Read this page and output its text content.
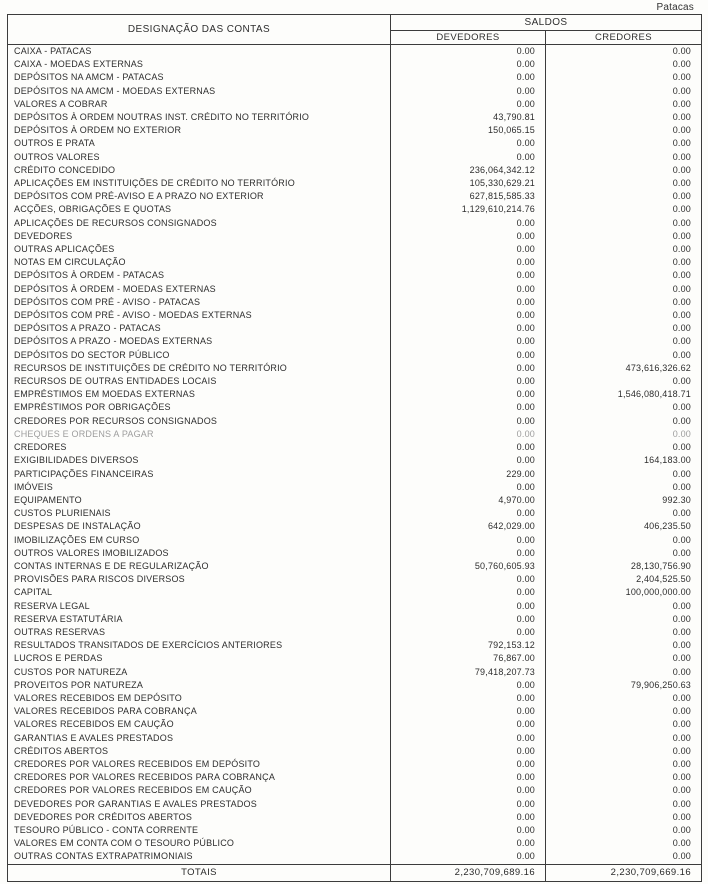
Patacas
DESIGNAÇÃO DAS CONTAS	SALDOS	
	DEVEDORES	CREDORES
CAIXA - PATACAS	0.00	0.00
CAIXA - MOEDAS EXTERNAS	0.00	0.00
DEPÓSITOS NA AMCM - PATACAS	0.00	0.00
DEPÓSITOS NA AMCM - MOEDAS EXTERNAS	0.00	0.00
VALORES A COBRAR	0.00	0.00
DEPÓSITOS À ORDEM NOUTRAS INST. CRÉDITO NO TERRITÓRIO	43,790.81	0.00
DEPÓSITOS À ORDEM NO EXTERIOR	150,065.15	0.00
OUTROS E PRATA	0.00	0.00
OUTROS VALORES	0.00	0.00
CRÉDITO CONCEDIDO	236,064,342.12	0.00
APLICAÇÕES EM INSTITUIÇÕES DE CRÉDITO NO TERRITÓRIO	105,330,629.21	0.00
DEPÓSITOS COM PRÉ-AVISO E A PRAZO NO EXTERIOR	627,815,585.33	0.00
ACÇÕES, OBRIGAÇÕES E QUOTAS	1,129,610,214.76	0.00
APLICAÇÕES DE RECURSOS CONSIGNADOS	0.00	0.00
DEVEDORES	0.00	0.00
OUTRAS APLICAÇÕES	0.00	0.00
NOTAS EM CIRCULAÇÃO	0.00	0.00
DEPÓSITOS À ORDEM - PATACAS	0.00	0.00
DEPÓSITOS À ORDEM - MOEDAS EXTERNAS	0.00	0.00
DEPÓSITOS COM PRÉ - AVISO - PATACAS	0.00	0.00
DEPÓSITOS COM PRÉ - AVISO - MOEDAS EXTERNAS	0.00	0.00
DEPÓSITOS A PRAZO - PATACAS	0.00	0.00
DEPÓSITOS A PRAZO - MOEDAS EXTERNAS	0.00	0.00
DEPÓSITOS DO SECTOR PÚBLICO	0.00	0.00
RECURSOS DE INSTITUIÇÕES DE CRÉDITO NO TERRITÓRIO	0.00	473,616,326.62
RECURSOS DE OUTRAS ENTIDADES LOCAIS	0.00	0.00
EMPRÉSTIMOS EM MOEDAS EXTERNAS	0.00	1,546,080,418.71
EMPRÉSTIMOS POR OBRIGAÇÕES	0.00	0.00
CREDORES POR RECURSOS CONSIGNADOS	0.00	0.00
CHEQUES E ORDENS A PAGAR	0.00	0.00
CREDORES	0.00	0.00
EXIGIBILIDADES DIVERSOS	0.00	164,183.00
PARTICIPAÇÕES FINANCEIRAS	229.00	0.00
IMÓVEIS	0.00	0.00
EQUIPAMENTO	4,970.00	992.30
CUSTOS PLURIENAIS	0.00	0.00
DESPESAS DE INSTALAÇÃO	642,029.00	406,235.50
IMOBILIZAÇÕES EM CURSO	0.00	0.00
OUTROS VALORES IMOBILIZADOS	0.00	0.00
CONTAS INTERNAS E DE REGULARIZAÇÃO	50,760,605.93	28,130,756.90
PROVISÕES PARA RISCOS DIVERSOS	0.00	2,404,525.50
CAPITAL	0.00	100,000,000.00
RESERVA LEGAL	0.00	0.00
RESERVA ESTATUTÁRIA	0.00	0.00
OUTRAS RESERVAS	0.00	0.00
RESULTADOS TRANSITADOS DE EXERCÍCIOS ANTERIORES	792,153.12	0.00
LUCROS E PERDAS	76,867.00	0.00
CUSTOS POR NATUREZA	79,418,207.73	0.00
PROVEITOS POR NATUREZA	0.00	79,906,250.63
VALORES RECEBIDOS EM DEPÓSITO	0.00	0.00
VALORES RECEBIDOS PARA COBRANÇA	0.00	0.00
VALORES RECEBIDOS EM CAUÇÃO	0.00	0.00
GARANTIAS E AVALES PRESTADOS	0.00	0.00
CRÉDITOS ABERTOS	0.00	0.00
CREDORES POR VALORES RECEBIDOS EM DEPÓSITO	0.00	0.00
CREDORES POR VALORES RECEBIDOS PARA COBRANÇA	0.00	0.00
CREDORES POR VALORES RECEBIDOS EM CAUÇÃO	0.00	0.00
DEVEDORES POR GARANTIAS E AVALES PRESTADOS	0.00	0.00
DEVEDORES POR CRÉDITOS ABERTOS	0.00	0.00
TESOURO PÚBLICO - CONTA CORRENTE	0.00	0.00
VALORES EM CONTA COM O TESOURO PÚBLICO	0.00	0.00
OUTRAS CONTAS EXTRAPATRIMONIAIS	0.00	0.00
TOTAIS	2,230,709,689.16	2,230,709,669.16
